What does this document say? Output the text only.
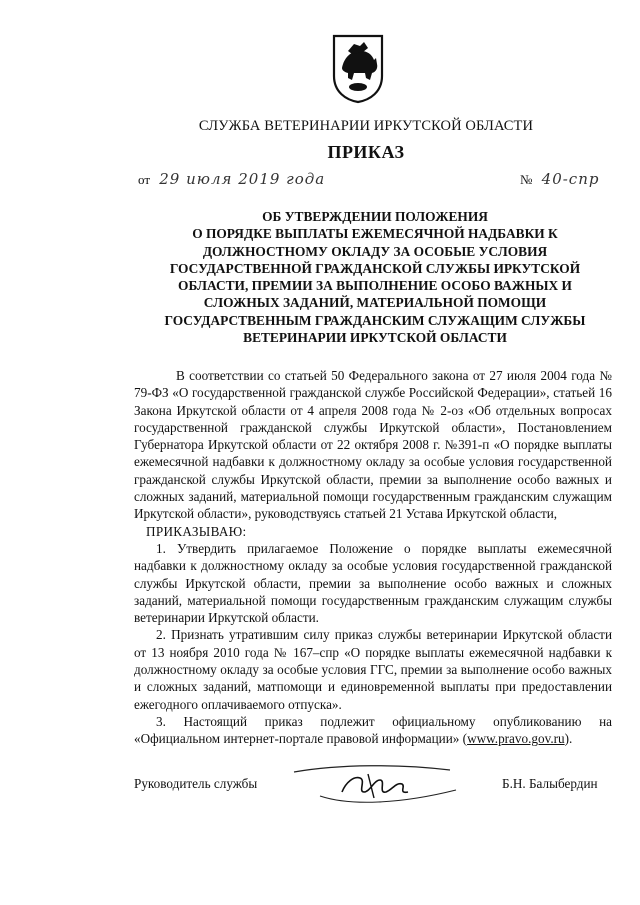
СЛУЖБА ВЕТЕРИНАРИИ ИРКУТСКОЙ ОБЛАСТИ
ПРИКАЗ
от 29 июля 2019 года	№ 40-спр
ОБ УТВЕРЖДЕНИИ ПОЛОЖЕНИЯ
О ПОРЯДКЕ ВЫПЛАТЫ ЕЖЕМЕСЯЧНОЙ НАДБАВКИ К
ДОЛЖНОСТНОМУ ОКЛАДУ ЗА ОСОБЫЕ УСЛОВИЯ
ГОСУДАРСТВЕННОЙ ГРАЖДАНСКОЙ СЛУЖБЫ ИРКУТСКОЙ
ОБЛАСТИ, ПРЕМИИ ЗА ВЫПОЛНЕНИЕ ОСОБО ВАЖНЫХ И
СЛОЖНЫХ ЗАДАНИЙ, МАТЕРИАЛЬНОЙ ПОМОЩИ
ГОСУДАРСТВЕННЫМ ГРАЖДАНСКИМ СЛУЖАЩИМ СЛУЖБЫ
ВЕТЕРИНАРИИ ИРКУТСКОЙ ОБЛАСТИ

В соответствии со статьей 50 Федерального закона от 27 июля 2004 года № 79-ФЗ «О государственной гражданской службе Российской Федерации», статьей 16 Закона Иркутской области от 4 апреля 2008 года № 2-оз «Об отдельных вопросах государственной гражданской службы Иркутской области», Постановлением Губернатора Иркутской области от 22 октября 2008 г. №391-п «О порядке выплаты ежемесячной надбавки к должностному окладу за особые условия государственной гражданской службы Иркутской области, премии за выполнение особо важных и сложных заданий, материальной помощи государственным гражданским служащим Иркутской области», руководствуясь статьей 21 Устава Иркутской области,

ПРИКАЗЫВАЮ:

1. Утвердить прилагаемое Положение о порядке выплаты ежемесячной надбавки к должностному окладу за особые условия государственной гражданской службы Иркутской области, премии за выполнение особо важных и сложных заданий, материальной помощи государственным гражданским служащим службы ветеринарии Иркутской области.

2. Признать утратившим силу приказ службы ветеринарии Иркутской области от 13 ноября 2010 года № 167–спр «О порядке выплаты ежемесячной надбавки к должностному окладу за особые условия ГГС, премии за выполнение особо важных и сложных заданий, матпомощи и единовременной выплаты при предоставлении ежегодного оплачиваемого отпуска».

3. Настоящий приказ подлежит официальному опубликованию на «Официальном интернет-портале правовой информации» (www.pravo.gov.ru).

Руководитель службы	Б.Н. Балыбердин
